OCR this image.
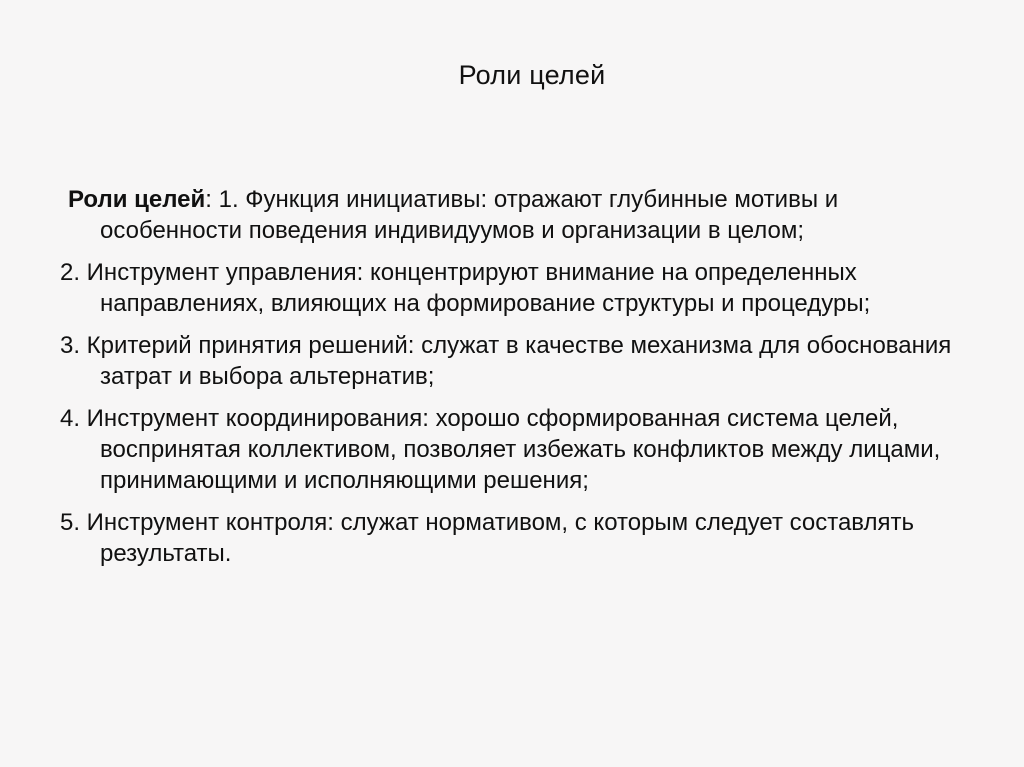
Роли целей

Роли целей: 1. Функция инициативы: отражают глубинные мотивы и особенности поведения индивидуумов и организации в целом;

2. Инструмент управления: концентрируют внимание на определенных направлениях, влияющих на формирование структуры и процедуры;

3. Критерий принятия решений: служат в качестве механизма для обоснования затрат и выбора альтернатив;

4. Инструмент координирования: хорошо сформированная система целей, воспринятая коллективом, позволяет избежать конфликтов между лицами, принимающими и исполняющими решения;

5. Инструмент контроля: служат нормативом, с которым следует составлять результаты.
